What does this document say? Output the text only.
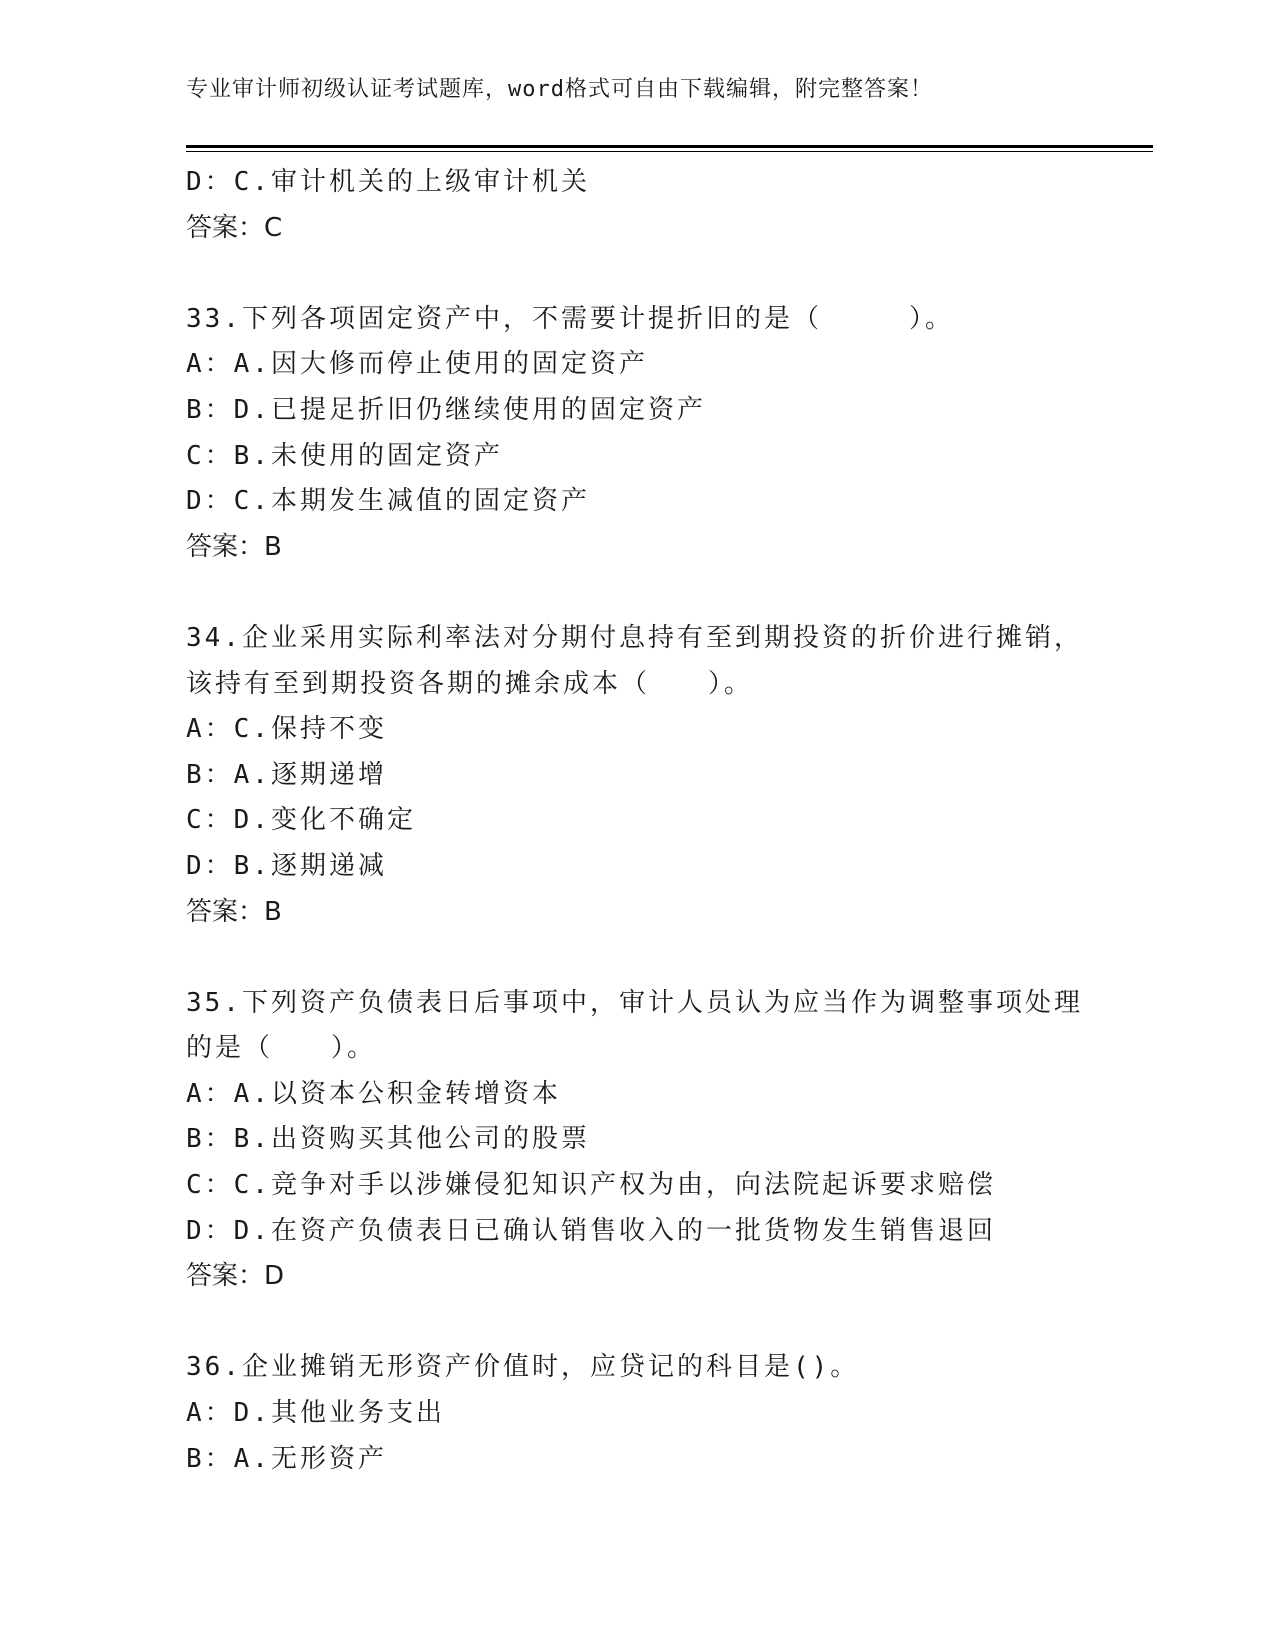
专业审计师初级认证考试题库，word格式可自由下载编辑，附完整答案！
D：C.审计机关的上级审计机关
答案：C
33.下列各项固定资产中，不需要计提折旧的是（　　　）。
A：A.因大修而停止使用的固定资产
B：D.已提足折旧仍继续使用的固定资产
C：B.未使用的固定资产
D：C.本期发生减值的固定资产
答案：B
34.企业采用实际利率法对分期付息持有至到期投资的折价进行摊销，
该持有至到期投资各期的摊余成本（　　）。
A：C.保持不变
B：A.逐期递增
C：D.变化不确定
D：B.逐期递减
答案：B
35.下列资产负债表日后事项中，审计人员认为应当作为调整事项处理
的是（　　）。
A：A.以资本公积金转增资本
B：B.出资购买其他公司的股票
C：C.竞争对手以涉嫌侵犯知识产权为由，向法院起诉要求赔偿
D：D.在资产负债表日已确认销售收入的一批货物发生销售退回
答案：D
36.企业摊销无形资产价值时，应贷记的科目是()。
A：D.其他业务支出
B：A.无形资产
